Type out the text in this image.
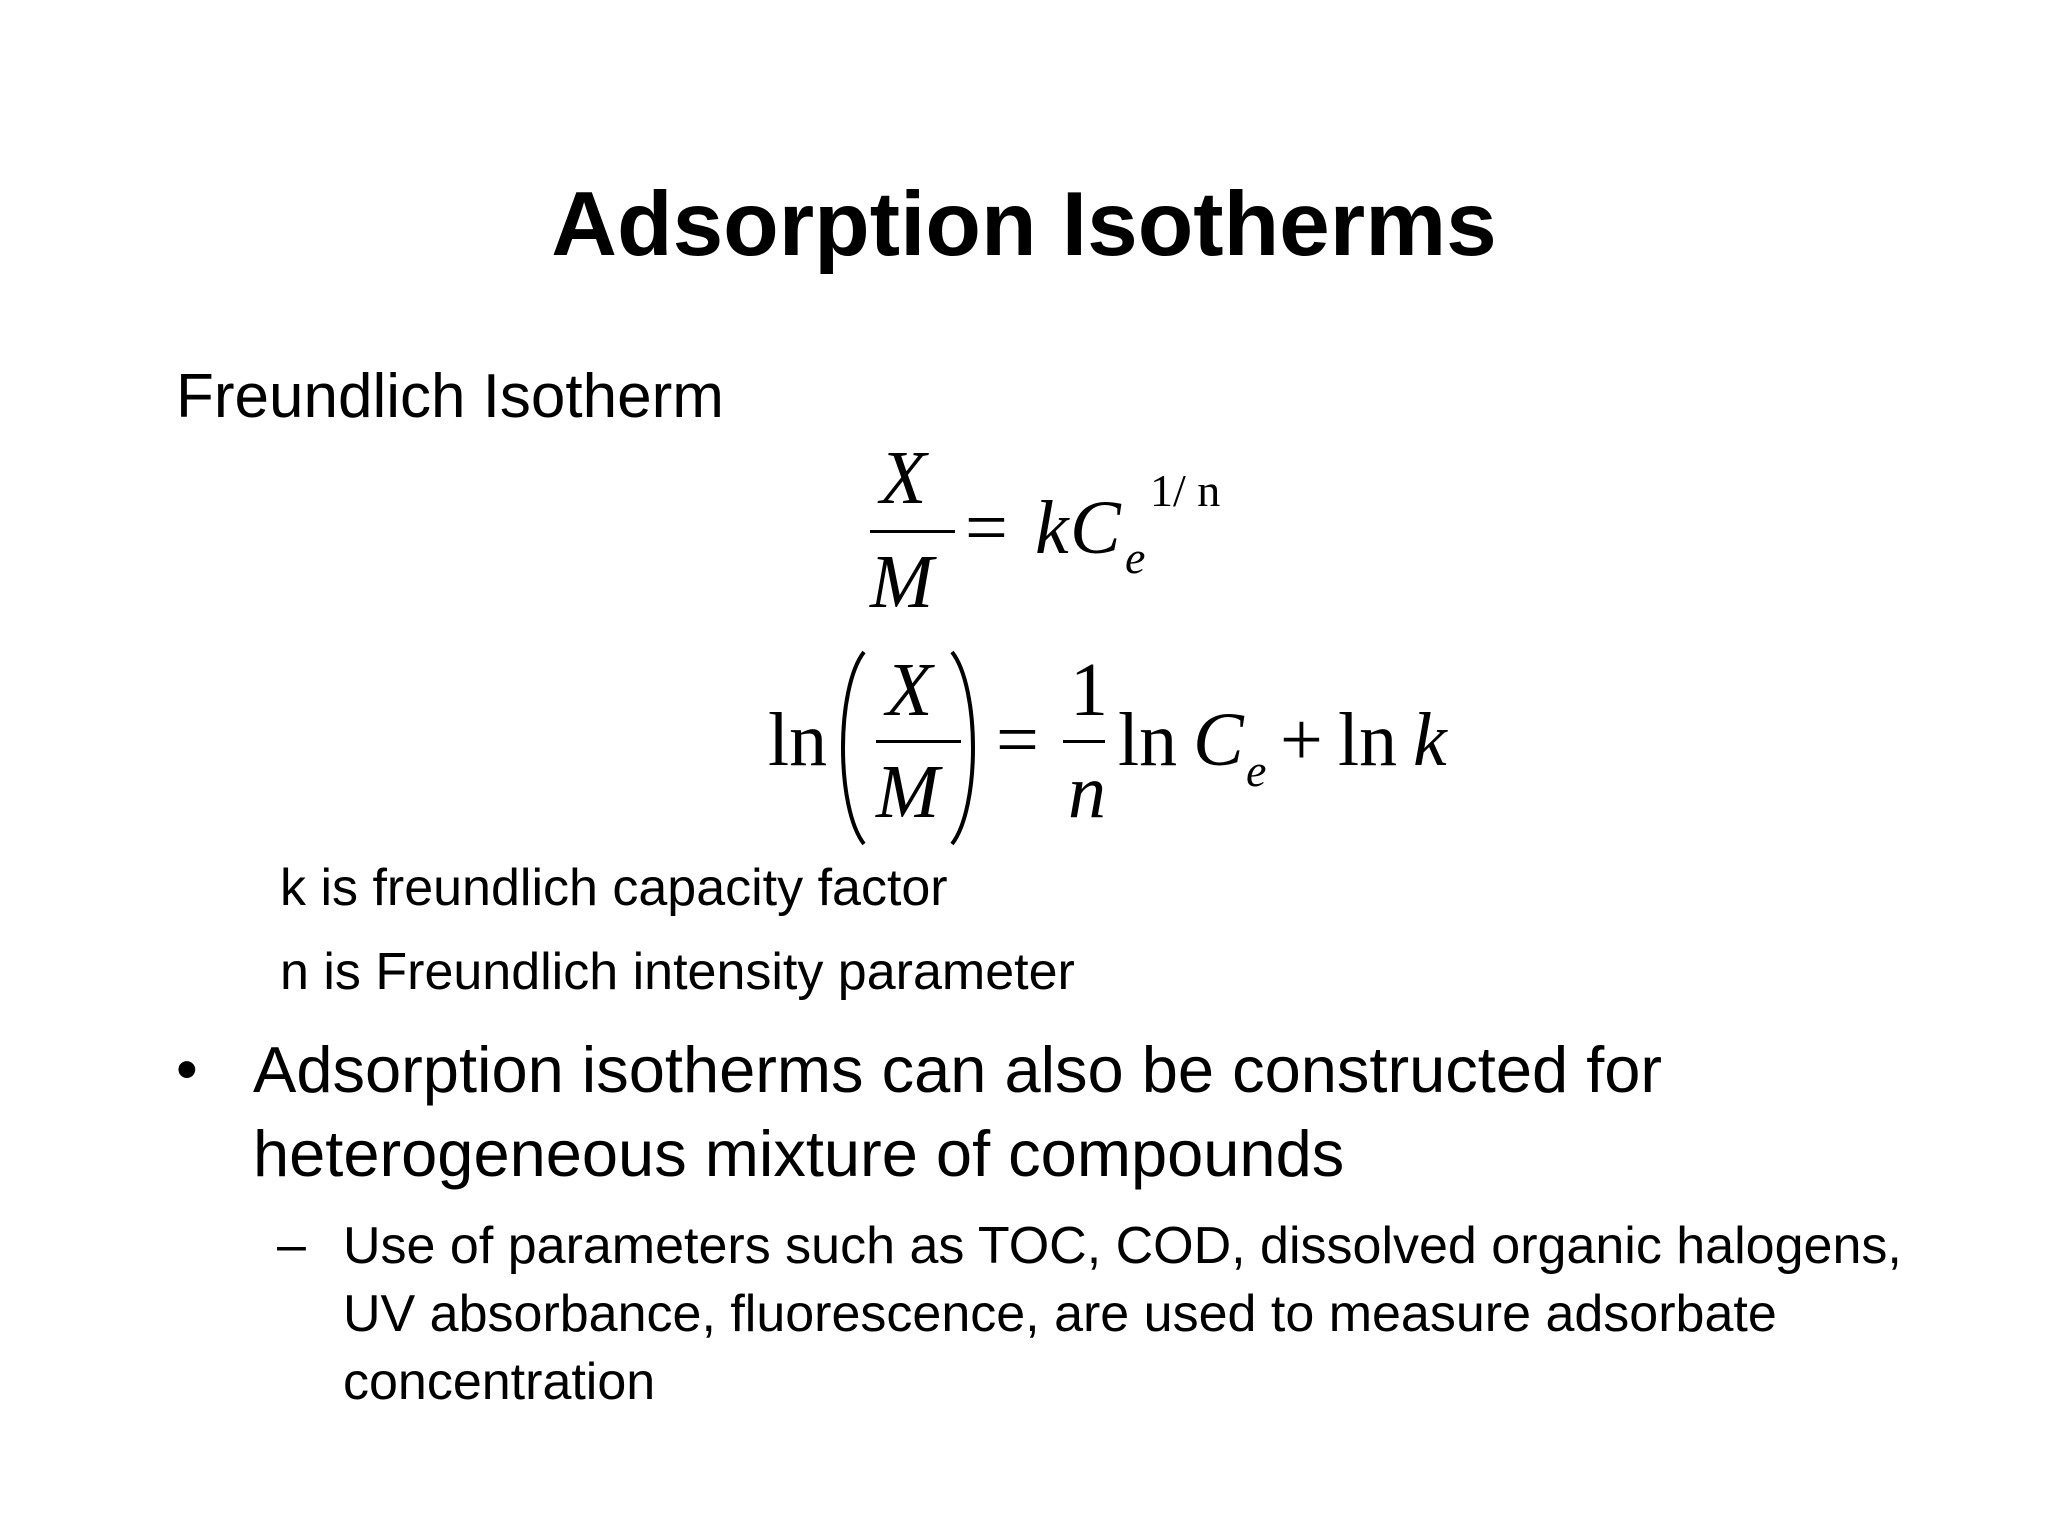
Adsorption Isotherms
Freundlich Isotherm
X
M
= k C e
1/ n
ln
X
M
=
1
n
ln C e + ln k
k is freundlich capacity factor
n is Freundlich intensity parameter
• Adsorption isotherms can also be constructed for heterogeneous mixture of compounds
– Use of parameters such as TOC, COD, dissolved organic halogens, UV absorbance, fluorescence, are used to measure adsorbate concentration
